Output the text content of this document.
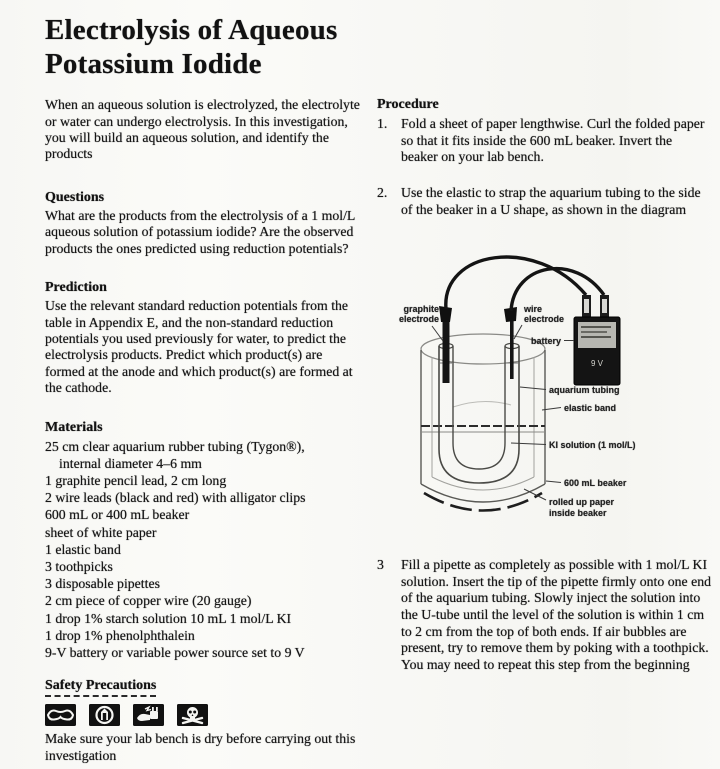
Electrolysis of Aqueous
Potassium Iodide

When an aqueous solution is electrolyzed, the electrolyte or water can undergo electrolysis. In this investigation, you will build an aqueous solution, and identify the products

Questions

What are the products from the electrolysis of a 1 mol/L aqueous solution of potassium iodide? Are the observed products the ones predicted using reduction potentials?

Prediction

Use the relevant standard reduction potentials from the table in Appendix E, and the non-standard reduction potentials you used previously for water, to predict the electrolysis products. Predict which product(s) are formed at the anode and which product(s) are formed at the cathode.

Materials
25 cm clear aquarium rubber tubing (Tygon®),
internal diameter 4–6 mm
1 graphite pencil lead, 2 cm long
2 wire leads (black and red) with alligator clips
600 mL or 400 mL beaker
sheet of white paper
1 elastic band
3 toothpicks
3 disposable pipettes
2 cm piece of copper wire (20 gauge)
1 drop 1% starch solution 10 mL 1 mol/L KI
1 drop 1% phenolphthalein
9-V battery or variable power source set to 9 V
Safety Precautions

Make sure your lab bench is dry before carrying out this investigation

Procedure
1. Fold a sheet of paper lengthwise. Curl the folded paper so that it fits inside the 600 mL beaker. Invert the beaker on your lab bench.
2. Use the elastic to strap the aquarium tubing to the side of the beaker in a U shape, as shown in the diagram
9 V
graphite
electrode
wire
electrode
battery
aquarium tubing
elastic band
KI solution (1 mol/L)
600 mL beaker
rolled up paper
inside beaker
3	Fill a pipette as completely as possible with 1 mol/L KI solution. Insert the tip of the pipette firmly onto one end of the aquarium tubing. Slowly inject the solution into the U-tube until the level of the solution is within 1 cm to 2 cm from the top of both ends. If air bubbles are present, try to remove them by poking with a toothpick. You may need to repeat this step from the beginning
